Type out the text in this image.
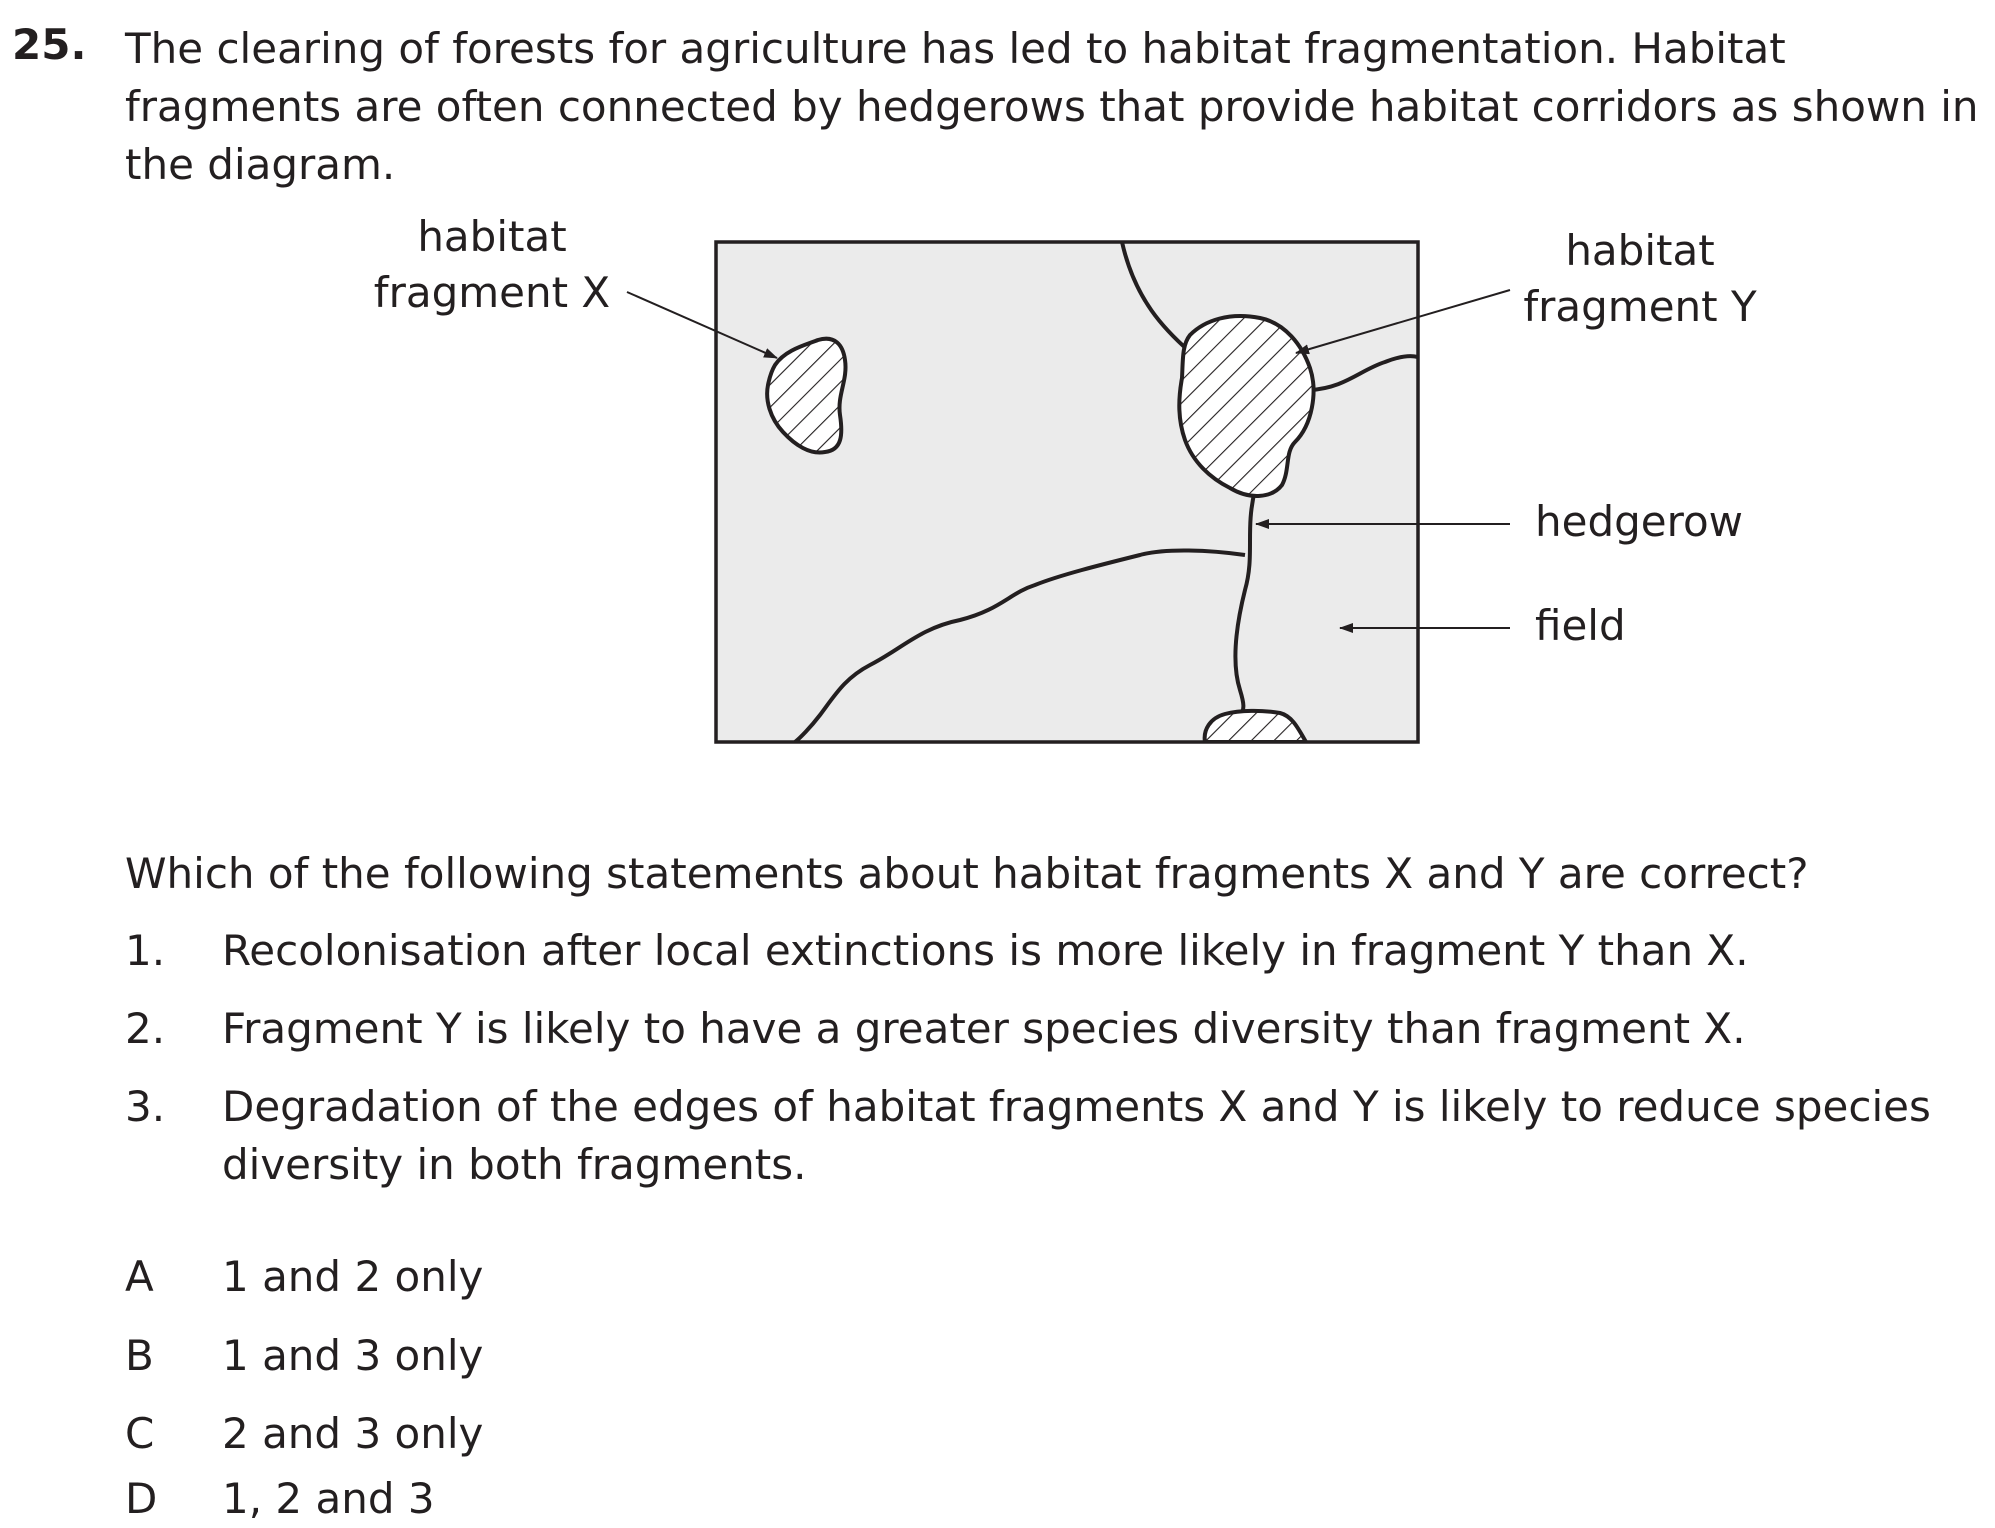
25. The clearing of forests for agriculture has led to habitat fragmentation. Habitat fragments are often connected by hedgerows that provide habitat corridors as shown in the diagram.
habitat
fragment X
habitat
fragment Y
hedgerow
field
Which of the following statements about habitat fragments X and Y are correct?
1. Recolonisation after local extinctions is more likely in fragment Y than X.
2. Fragment Y is likely to have a greater species diversity than fragment X.
3. Degradation of the edges of habitat fragments X and Y is likely to reduce species diversity in both fragments.
A 1 and 2 only
B 1 and 3 only
C 2 and 3 only
D 1, 2 and 3
